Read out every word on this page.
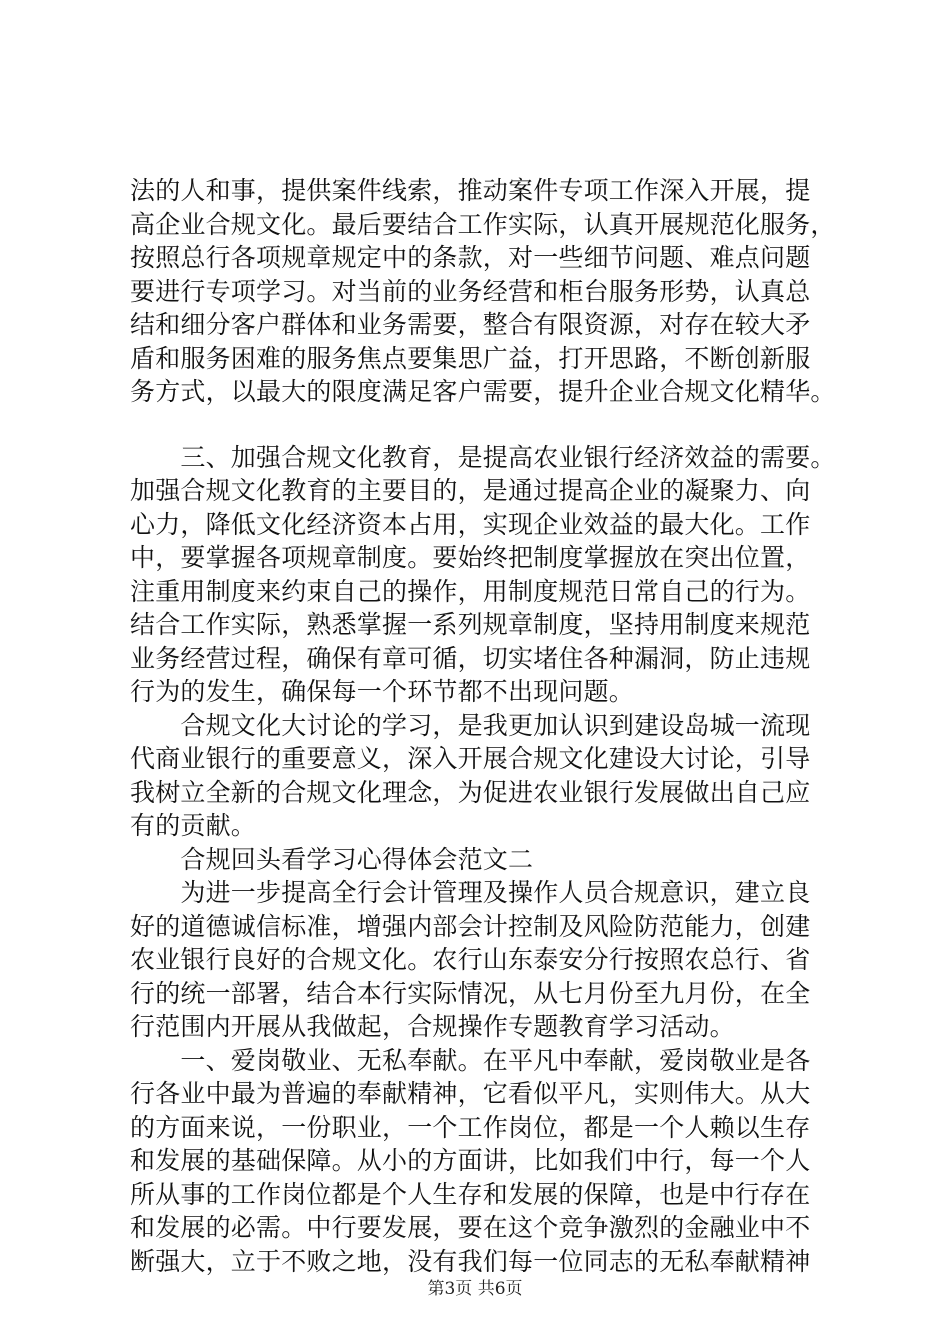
法的人和事，提供案件线索，推动案件专项工作深入开展，提
高企业合规文化。最后要结合工作实际，认真开展规范化服务，
按照总行各项规章规定中的条款，对一些细节问题、难点问题
要进行专项学习。对当前的业务经营和柜台服务形势，认真总
结和细分客户群体和业务需要，整合有限资源，对存在较大矛
盾和服务困难的服务焦点要集思广益，打开思路，不断创新服
务方式，以最大的限度满足客户需要，提升企业合规文化精华。
　　三、加强合规文化教育，是提高农业银行经济效益的需要。
加强合规文化教育的主要目的，是通过提高企业的凝聚力、向
心力，降低文化经济资本占用，实现企业效益的最大化。工作
中，要掌握各项规章制度。要始终把制度掌握放在突出位置，
注重用制度来约束自己的操作，用制度规范日常自己的行为。
结合工作实际，熟悉掌握一系列规章制度，坚持用制度来规范
业务经营过程，确保有章可循，切实堵住各种漏洞，防止违规
行为的发生，确保每一个环节都不出现问题。
　　合规文化大讨论的学习，是我更加认识到建设岛城一流现
代商业银行的重要意义，深入开展合规文化建设大讨论，引导
我树立全新的合规文化理念，为促进农业银行发展做出自己应
有的贡献。
　　合规回头看学习心得体会范文二
　　为进一步提高全行会计管理及操作人员合规意识，建立良
好的道德诚信标准，增强内部会计控制及风险防范能力，创建
农业银行良好的合规文化。农行山东泰安分行按照农总行、省
行的统一部署，结合本行实际情况，从七月份至九月份，在全
行范围内开展从我做起，合规操作专题教育学习活动。
　　一、爱岗敬业、无私奉献。在平凡中奉献，爱岗敬业是各
行各业中最为普遍的奉献精神，它看似平凡，实则伟大。从大
的方面来说，一份职业，一个工作岗位，都是一个人赖以生存
和发展的基础保障。从小的方面讲，比如我们中行，每一个人
所从事的工作岗位都是个人生存和发展的保障，也是中行存在
和发展的必需。中行要发展，要在这个竞争激烈的金融业中不
断强大，立于不败之地，没有我们每一位同志的无私奉献精神
第3页 共6页
